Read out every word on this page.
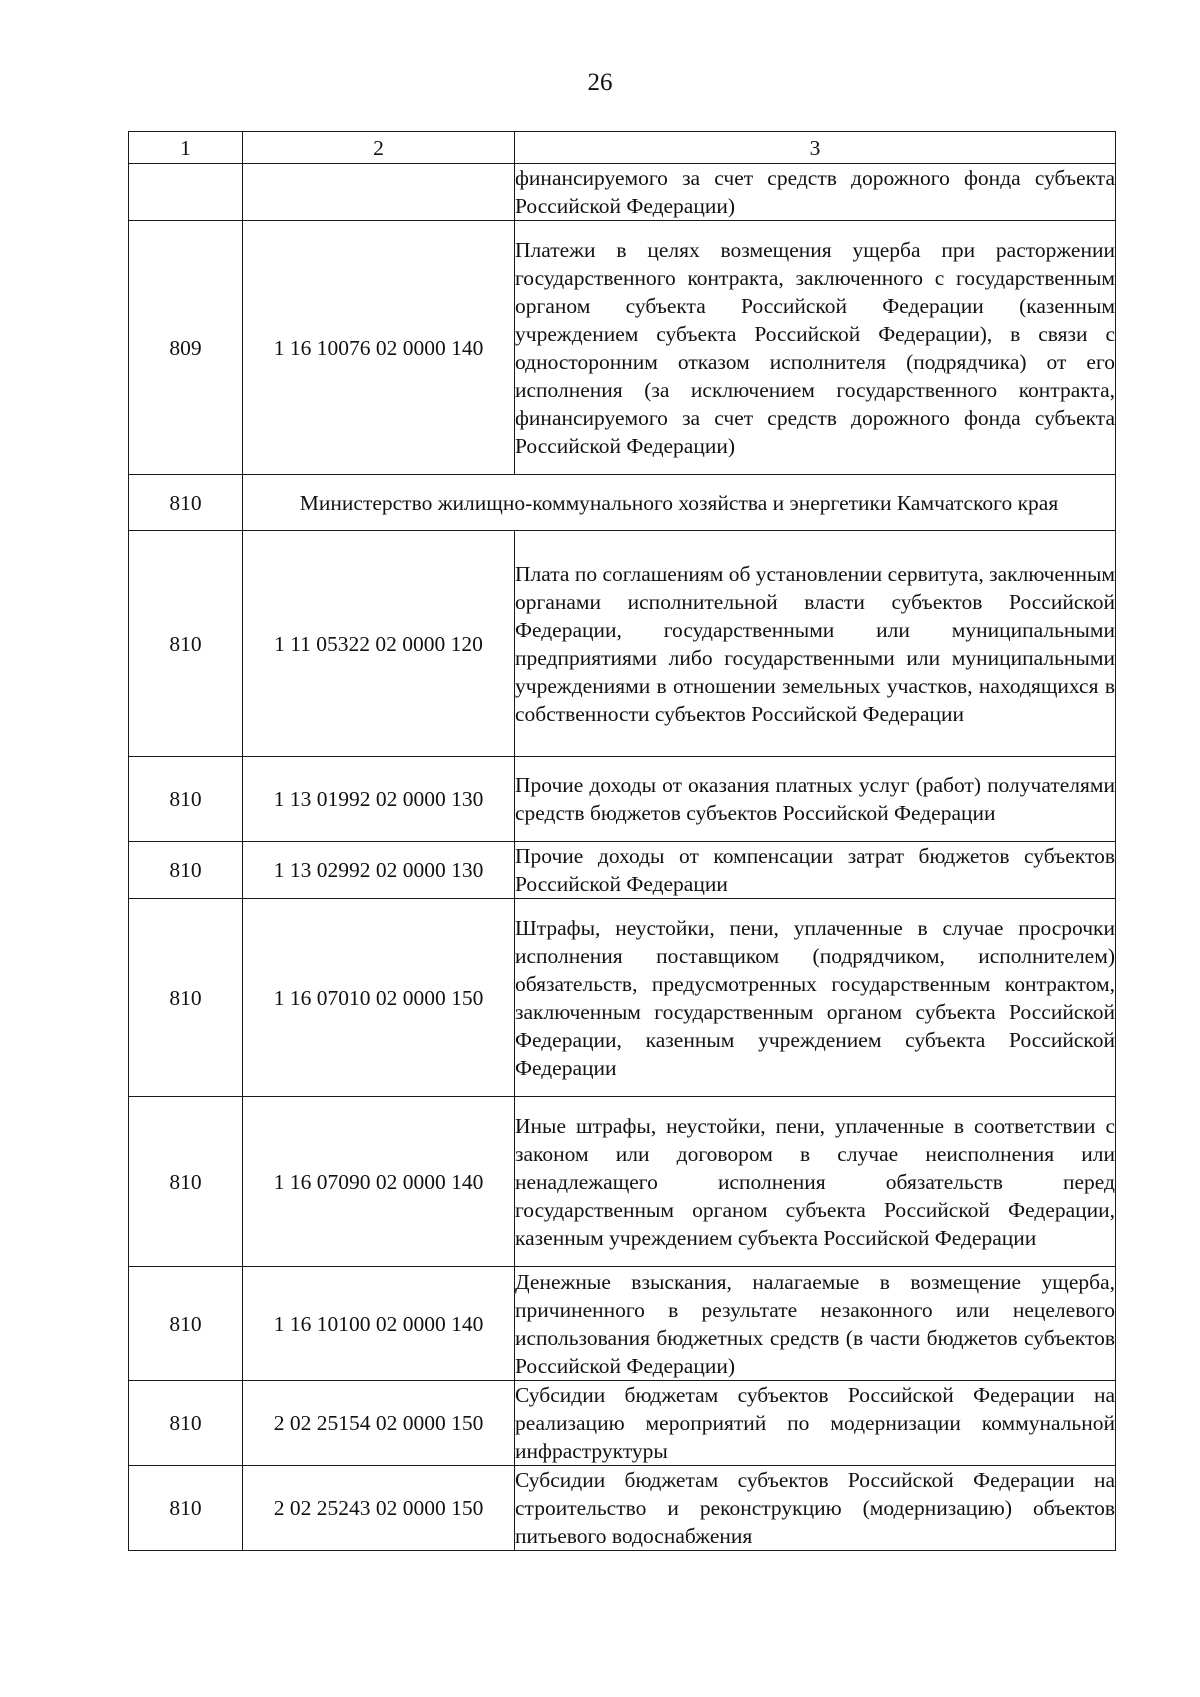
26
1	2	3
		финансируемого за счет средств дорожного фонда субъекта Российской Федерации)
809	1 16 10076 02 0000 140	Платежи в целях возмещения ущерба при расторжении государственного контракта, заключенного с государственным органом субъекта Российской Федерации (казенным учреждением субъекта Российской Федерации), в связи с односторонним отказом исполнителя (подрядчика) от его исполнения (за исключением государственного контракта, финансируемого за счет средств дорожного фонда субъекта Российской Федерации)
810	Министерство жилищно-коммунального хозяйства и энергетики Камчатского края	
810	1 11 05322 02 0000 120	Плата по соглашениям об установлении сервитута, заключенным органами исполнительной власти субъектов Российской Федерации, государственными или муниципальными предприятиями либо государственными или муниципальными учреждениями в отношении земельных участков, находящихся в собственности субъектов Российской Федерации
810	1 13 01992 02 0000 130	Прочие доходы от оказания платных услуг (работ) получателями средств бюджетов субъектов Российской Федерации
810	1 13 02992 02 0000 130	Прочие доходы от компенсации затрат бюджетов субъектов Российской Федерации
810	1 16 07010 02 0000 150	Штрафы, неустойки, пени, уплаченные в случае просрочки исполнения поставщиком (подрядчиком, исполнителем) обязательств, предусмотренных государственным контрактом, заключенным государственным органом субъекта Российской Федерации, казенным учреждением субъекта Российской Федерации
810	1 16 07090 02 0000 140	Иные штрафы, неустойки, пени, уплаченные в соответствии с законом или договором в случае неисполнения или ненадлежащего исполнения обязательств перед государственным органом субъекта Российской Федерации, казенным учреждением субъекта Российской Федерации
810	1 16 10100 02 0000 140	Денежные взыскания, налагаемые в возмещение ущерба, причиненного в результате незаконного или нецелевого использования бюджетных средств (в части бюджетов субъектов Российской Федерации)
810	2 02 25154 02 0000 150	Субсидии бюджетам субъектов Российской Федерации на реализацию мероприятий по модернизации коммунальной инфраструктуры
810	2 02 25243 02 0000 150	Субсидии бюджетам субъектов Российской Федерации на строительство и реконструкцию (модернизацию) объектов питьевого водоснабжения
